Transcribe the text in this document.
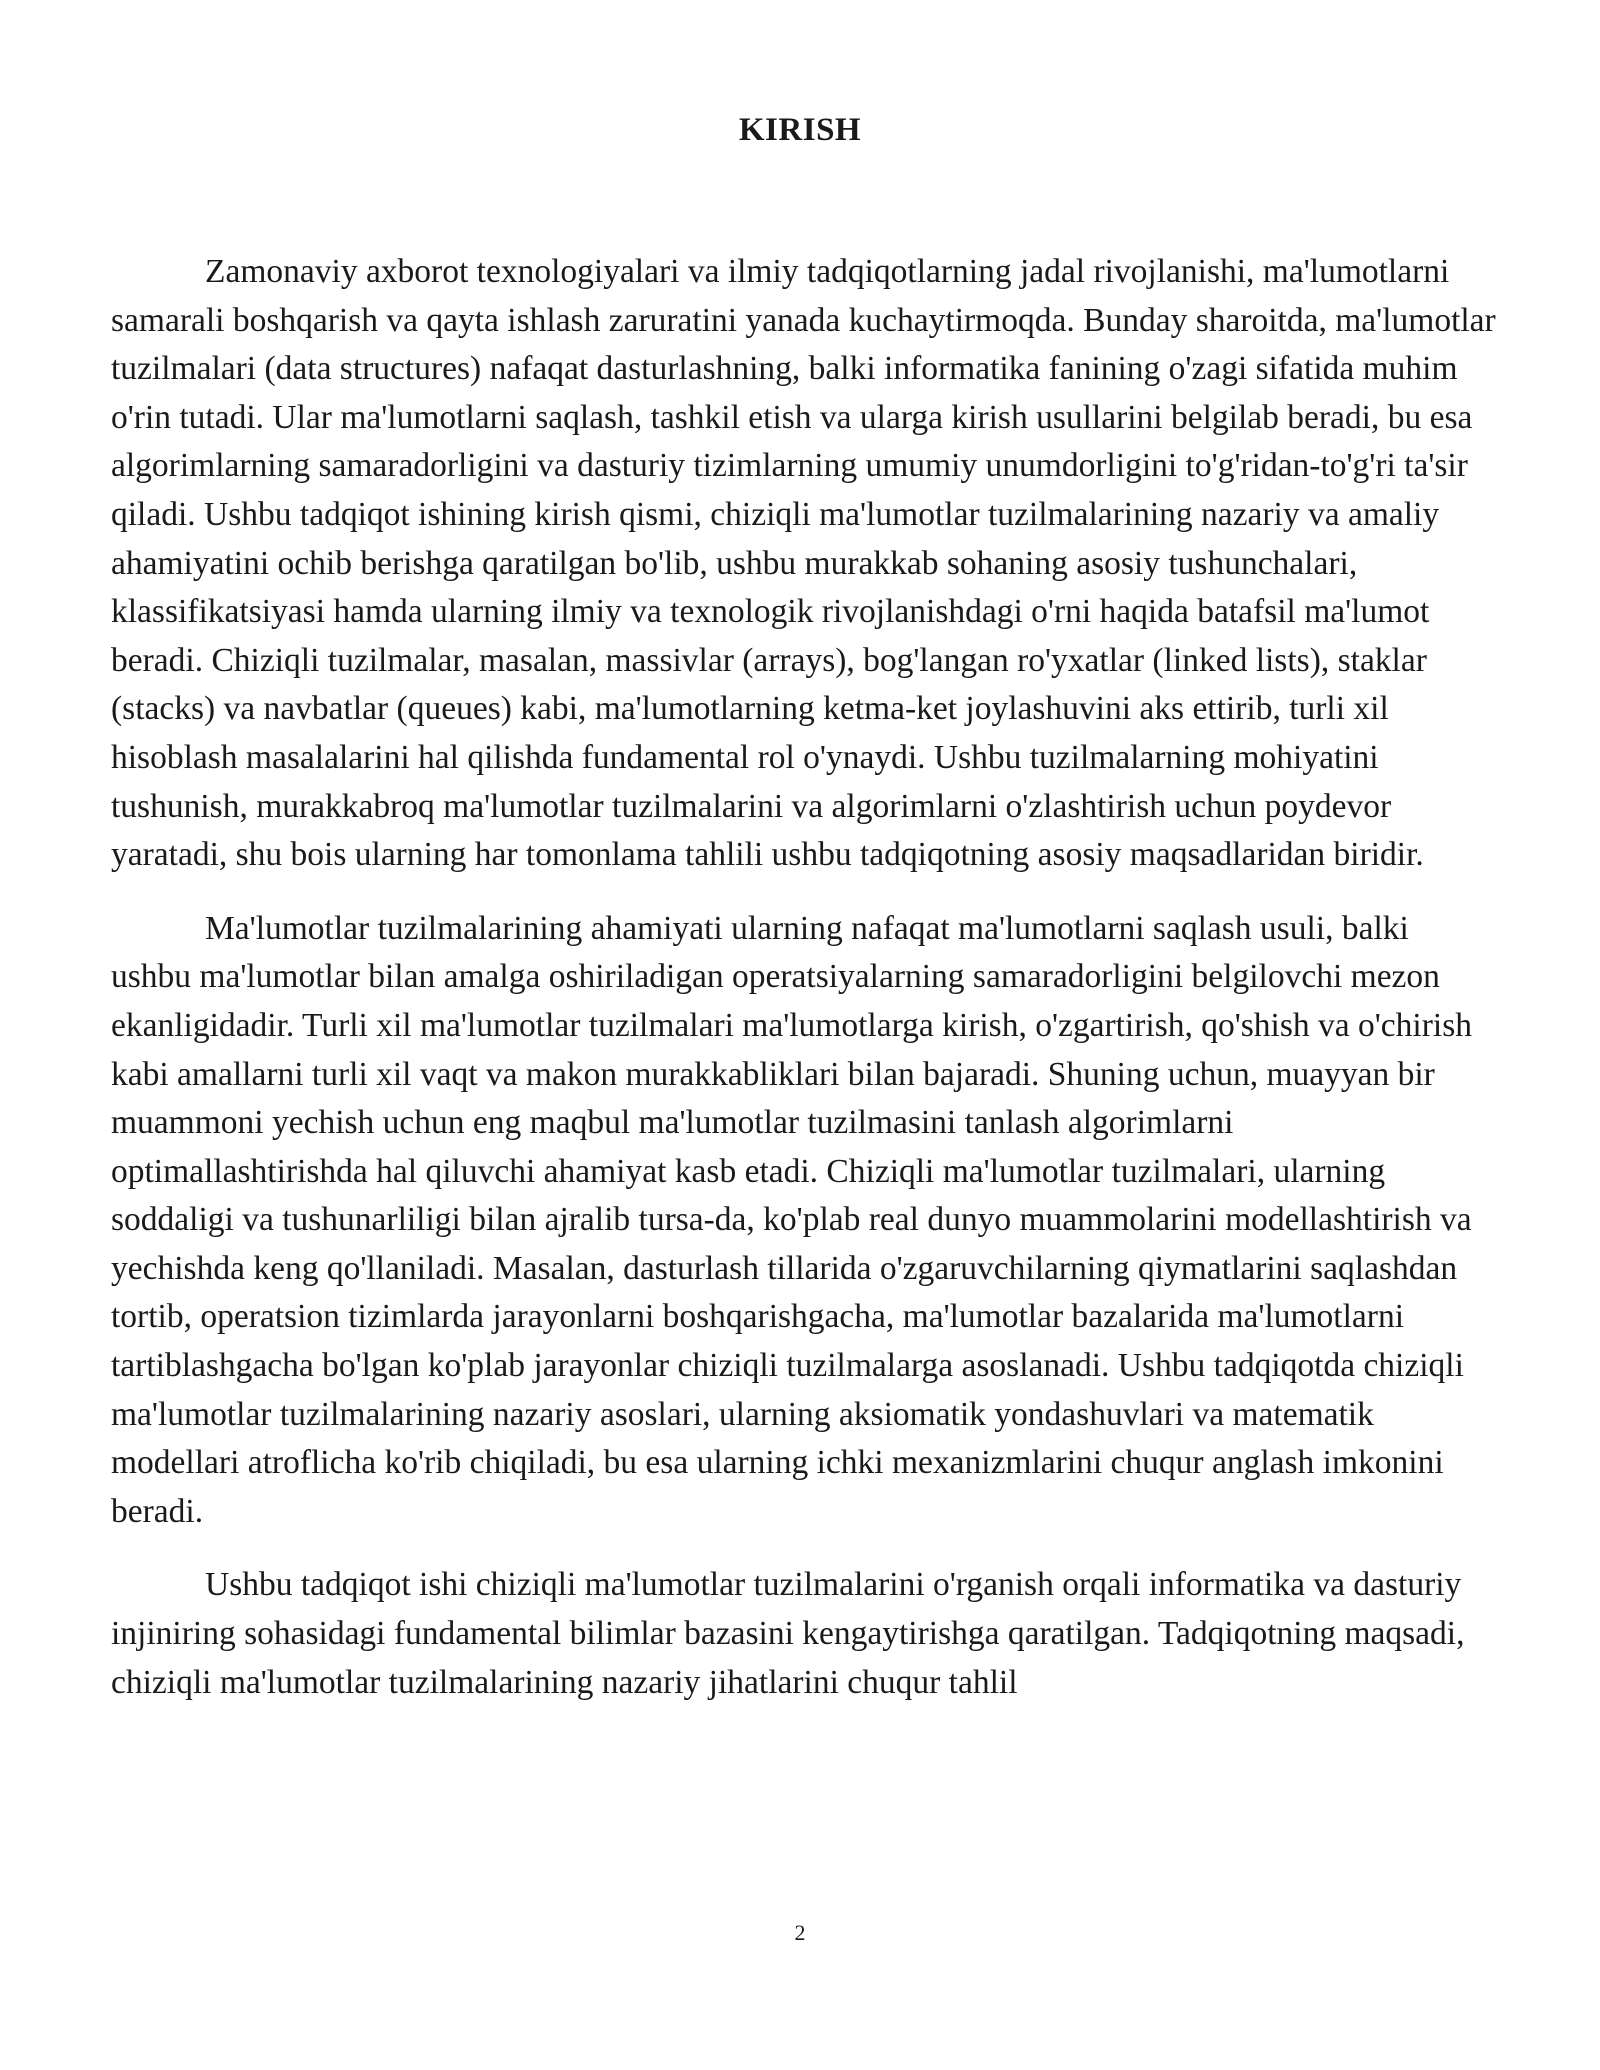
KIRISH

Zamonaviy axborot texnologiyalari va ilmiy tadqiqotlarning jadal rivojlanishi, ma'lumotlarni samarali boshqarish va qayta ishlash zaruratini yanada kuchaytirmoqda. Bunday sharoitda, ma'lumotlar tuzilmalari (data structures) nafaqat dasturlashning, balki informatika fanining o'zagi sifatida muhim o'rin tutadi. Ular ma'lumotlarni saqlash, tashkil etish va ularga kirish usullarini belgilab beradi, bu esa algorimlarning samaradorligini va dasturiy tizimlarning umumiy unumdorligini to'g'ridan-to'g'ri ta'sir qiladi. Ushbu tadqiqot ishining kirish qismi, chiziqli ma'lumotlar tuzilmalarining nazariy va amaliy ahamiyatini ochib berishga qaratilgan bo'lib, ushbu murakkab sohaning asosiy tushunchalari, klassifikatsiyasi hamda ularning ilmiy va texnologik rivojlanishdagi o'rni haqida batafsil ma'lumot beradi. Chiziqli tuzilmalar, masalan, massivlar (arrays), bog'langan ro'yxatlar (linked lists), staklar (stacks) va navbatlar (queues) kabi, ma'lumotlarning ketma-ket joylashuvini aks ettirib, turli xil hisoblash masalalarini hal qilishda fundamental rol o'ynaydi. Ushbu tuzilmalarning mohiyatini tushunish, murakkabroq ma'lumotlar tuzilmalarini va algorimlarni o'zlashtirish uchun poydevor yaratadi, shu bois ularning har tomonlama tahlili ushbu tadqiqotning asosiy maqsadlaridan biridir.

Ma'lumotlar tuzilmalarining ahamiyati ularning nafaqat ma'lumotlarni saqlash usuli, balki ushbu ma'lumotlar bilan amalga oshiriladigan operatsiyalarning samaradorligini belgilovchi mezon ekanligidadir. Turli xil ma'lumotlar tuzilmalari ma'lumotlarga kirish, o'zgartirish, qo'shish va o'chirish kabi amallarni turli xil vaqt va makon murakkabliklari bilan bajaradi. Shuning uchun, muayyan bir muammoni yechish uchun eng maqbul ma'lumotlar tuzilmasini tanlash algorimlarni optimallashtirishda hal qiluvchi ahamiyat kasb etadi. Chiziqli ma'lumotlar tuzilmalari, ularning soddaligi va tushunarliligi bilan ajralib tursa-da, ko'plab real dunyo muammolarini modellashtirish va yechishda keng qo'llaniladi. Masalan, dasturlash tillarida o'zgaruvchilarning qiymatlarini saqlashdan tortib, operatsion tizimlarda jarayonlarni boshqarishgacha, ma'lumotlar bazalarida ma'lumotlarni tartiblashgacha bo'lgan ko'plab jarayonlar chiziqli tuzilmalarga asoslanadi. Ushbu tadqiqotda chiziqli ma'lumotlar tuzilmalarining nazariy asoslari, ularning aksiomatik yondashuvlari va matematik modellari atroflicha ko'rib chiqiladi, bu esa ularning ichki mexanizmlarini chuqur anglash imkonini beradi.

Ushbu tadqiqot ishi chiziqli ma'lumotlar tuzilmalarini o'rganish orqali informatika va dasturiy injiniring sohasidagi fundamental bilimlar bazasini kengaytirishga qaratilgan. Tadqiqotning maqsadi, chiziqli ma'lumotlar tuzilmalarining nazariy jihatlarini chuqur tahlil

2
